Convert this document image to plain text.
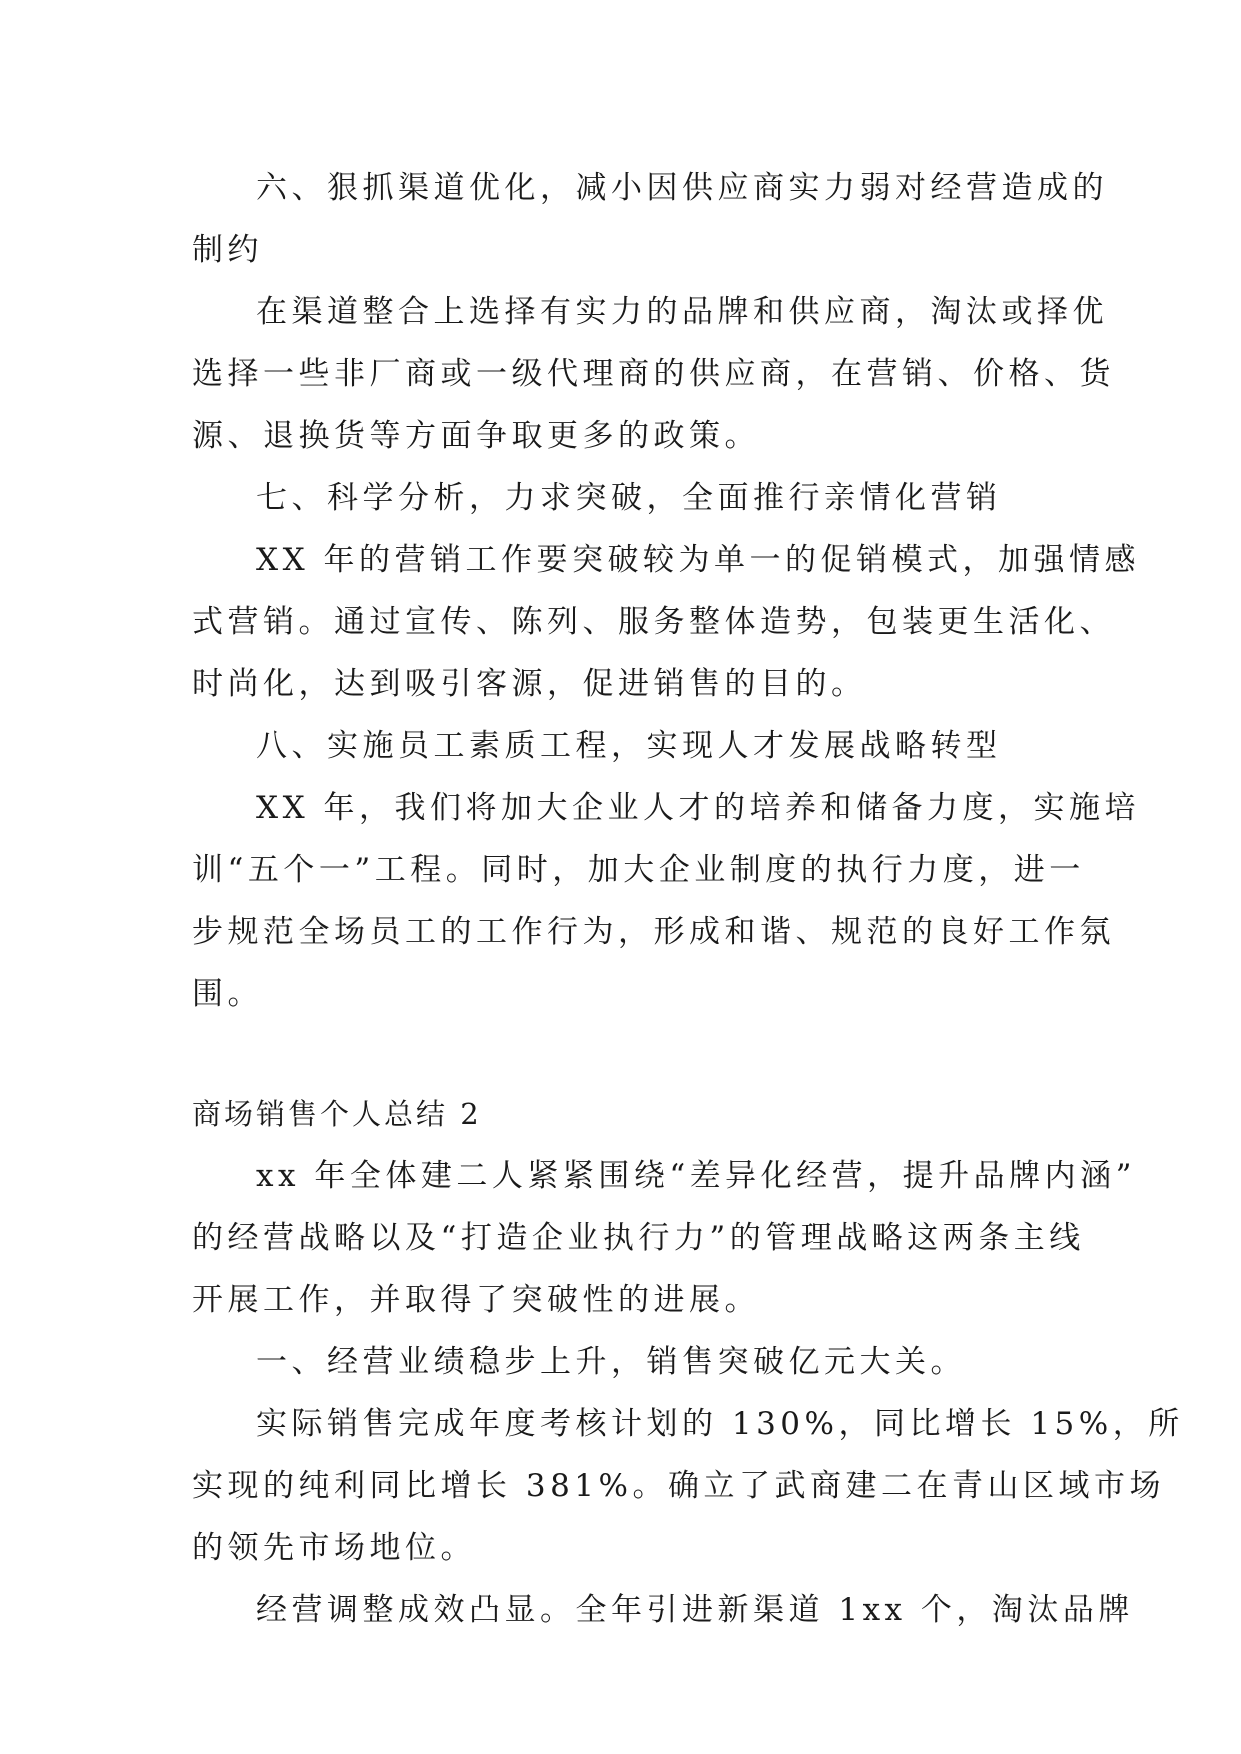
六、狠抓渠道优化，减小因供应商实力弱对经营造成的
制约
在渠道整合上选择有实力的品牌和供应商，淘汰或择优
选择一些非厂商或一级代理商的供应商，在营销、价格、货
源、退换货等方面争取更多的政策。
七、科学分析，力求突破，全面推行亲情化营销
XX 年的营销工作要突破较为单一的促销模式，加强情感
式营销。通过宣传、陈列、服务整体造势，包装更生活化、
时尚化，达到吸引客源，促进销售的目的。
八、实施员工素质工程，实现人才发展战略转型
XX 年，我们将加大企业人才的培养和储备力度，实施培
训“五个一”工程。同时，加大企业制度的执行力度，进一
步规范全场员工的工作行为，形成和谐、规范的良好工作氛
围。
商场销售个人总结 2
xx 年全体建二人紧紧围绕“差异化经营，提升品牌内涵”
的经营战略以及“打造企业执行力”的管理战略这两条主线
开展工作，并取得了突破性的进展。
一、经营业绩稳步上升，销售突破亿元大关。
实际销售完成年度考核计划的 130%，同比增长 15%，所
实现的纯利同比增长 381%。确立了武商建二在青山区域市场
的领先市场地位。
经营调整成效凸显。全年引进新渠道 1xx 个，淘汰品牌
